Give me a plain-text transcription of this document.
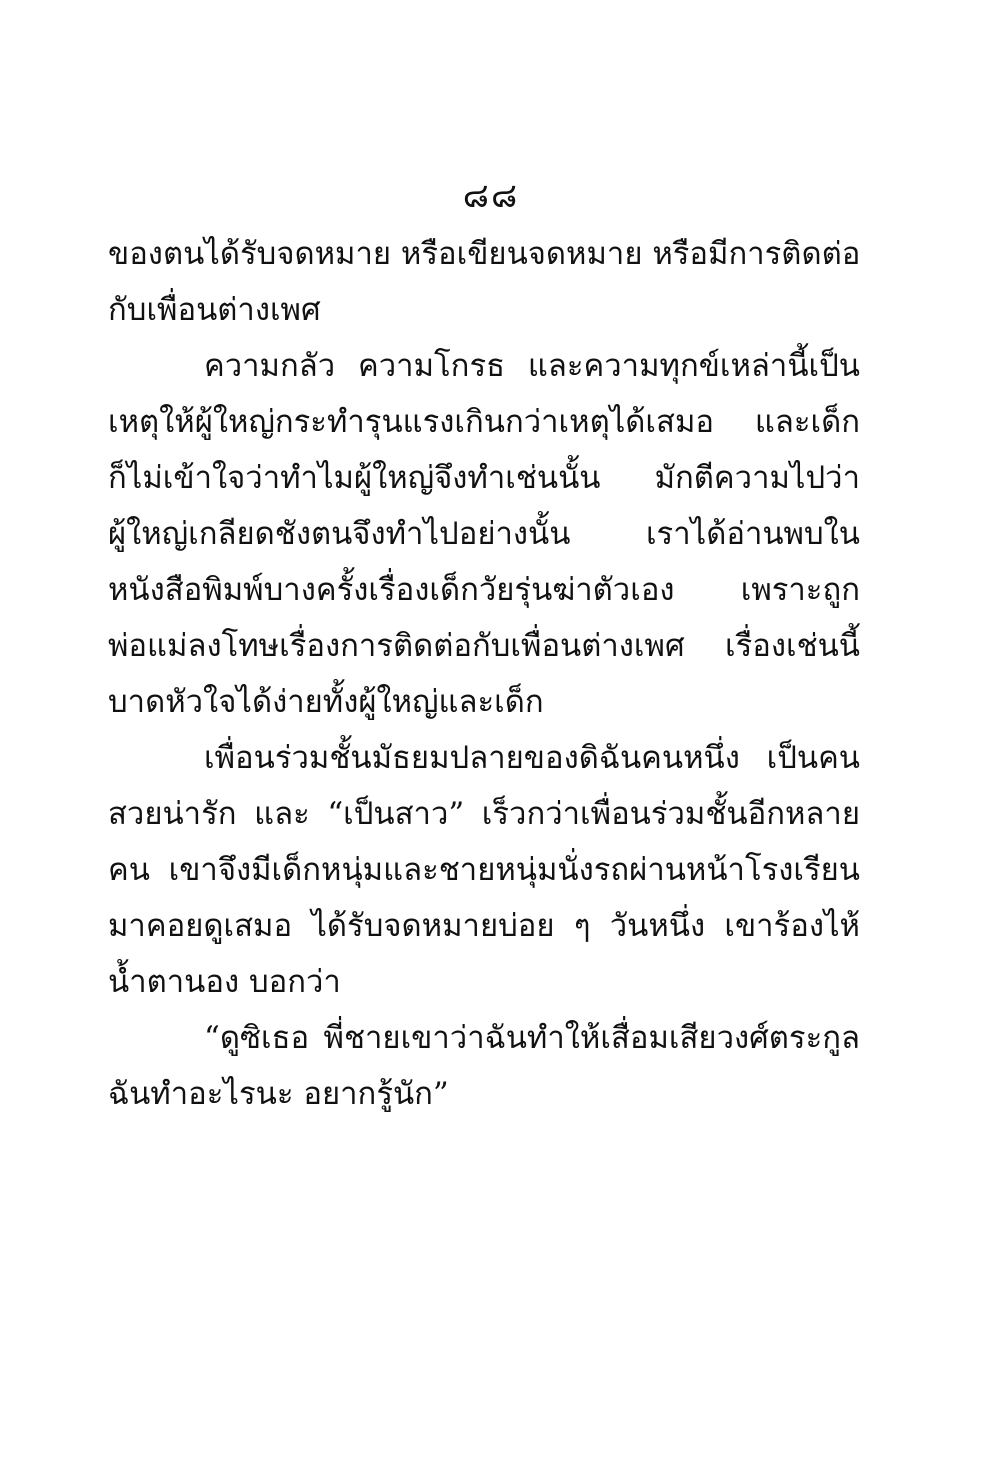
๘๘
ของตนได้รับจดหมาย หรือเขียนจดหมาย หรือมีการติดต่อ
กับเพื่อนต่างเพศ
ความกลัว ความโกรธ และความทุกข์เหล่านี้เป็น
เหตุให้ผู้ใหญ่กระทำรุนแรงเกินกว่าเหตุได้เสมอ และเด็ก
ก็ไม่เข้าใจว่าทำไมผู้ใหญ่จึงทำเช่นนั้น มักตีความไปว่า
ผู้ใหญ่เกลียดชังตนจึงทำไปอย่างนั้น เราได้อ่านพบใน
หนังสือพิมพ์บางครั้งเรื่องเด็กวัยรุ่นฆ่าตัวเอง เพราะถูก
พ่อแม่ลงโทษเรื่องการติดต่อกับเพื่อนต่างเพศ เรื่องเช่นนี้
บาดหัวใจได้ง่ายทั้งผู้ใหญ่และเด็ก
เพื่อนร่วมชั้นมัธยมปลายของดิฉันคนหนึ่ง เป็นคน
สวยน่ารัก และ “เป็นสาว” เร็วกว่าเพื่อนร่วมชั้นอีกหลาย
คน เขาจึงมีเด็กหนุ่มและชายหนุ่มนั่งรถผ่านหน้าโรงเรียน
มาคอยดูเสมอ ได้รับจดหมายบ่อย ๆ วันหนึ่ง เขาร้องไห้
น้ำตานอง บอกว่า
“ดูซิเธอ พี่ชายเขาว่าฉันทำให้เสื่อมเสียวงศ์ตระกูล
ฉันทำอะไรนะ อยากรู้นัก”
